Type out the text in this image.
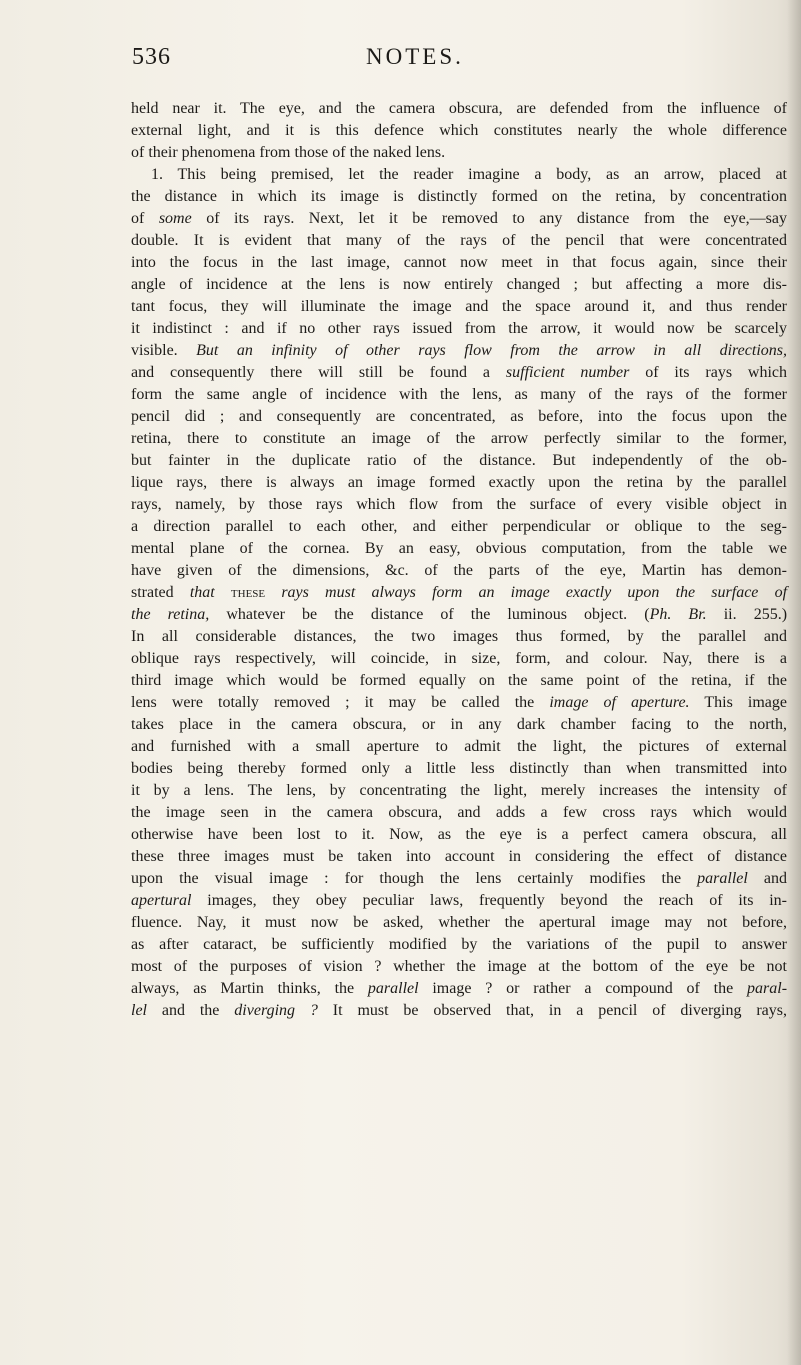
536	NOTES.
held near it. The eye, and the camera obscura, are defended from the influence of
external light, and it is this defence which constitutes nearly the whole difference
of their phenomena from those of the naked lens.
1. This being premised, let the reader imagine a body, as an arrow, placed at
the distance in which its image is distinctly formed on the retina, by concentration
of some of its rays. Next, let it be removed to any distance from the eye,—say
double. It is evident that many of the rays of the pencil that were concentrated
into the focus in the last image, cannot now meet in that focus again, since their
angle of incidence at the lens is now entirely changed ; but affecting a more dis-
tant focus, they will illuminate the image and the space around it, and thus render
it indistinct : and if no other rays issued from the arrow, it would now be scarcely
visible. But an infinity of other rays flow from the arrow in all directions,
and consequently there will still be found a sufficient number of its rays which
form the same angle of incidence with the lens, as many of the rays of the former
pencil did ; and consequently are concentrated, as before, into the focus upon the
retina, there to constitute an image of the arrow perfectly similar to the former,
but fainter in the duplicate ratio of the distance. But independently of the ob-
lique rays, there is always an image formed exactly upon the retina by the parallel
rays, namely, by those rays which flow from the surface of every visible object in
a direction parallel to each other, and either perpendicular or oblique to the seg-
mental plane of the cornea. By an easy, obvious computation, from the table we
have given of the dimensions, &c. of the parts of the eye, Martin has demon-
strated that these rays must always form an image exactly upon the surface of
the retina, whatever be the distance of the luminous object. (Ph. Br. ii. 255.)
In all considerable distances, the two images thus formed, by the parallel and
oblique rays respectively, will coincide, in size, form, and colour. Nay, there is a
third image which would be formed equally on the same point of the retina, if the
lens were totally removed ; it may be called the image of aperture. This image
takes place in the camera obscura, or in any dark chamber facing to the north,
and furnished with a small aperture to admit the light, the pictures of external
bodies being thereby formed only a little less distinctly than when transmitted into
it by a lens. The lens, by concentrating the light, merely increases the intensity of
the image seen in the camera obscura, and adds a few cross rays which would
otherwise have been lost to it. Now, as the eye is a perfect camera obscura, all
these three images must be taken into account in considering the effect of distance
upon the visual image : for though the lens certainly modifies the parallel and
apertural images, they obey peculiar laws, frequently beyond the reach of its in-
fluence. Nay, it must now be asked, whether the apertural image may not before,
as after cataract, be sufficiently modified by the variations of the pupil to answer
most of the purposes of vision ? whether the image at the bottom of the eye be not
always, as Martin thinks, the parallel image ? or rather a compound of the paral-
lel and the diverging ? It must be observed that, in a pencil of diverging rays,
